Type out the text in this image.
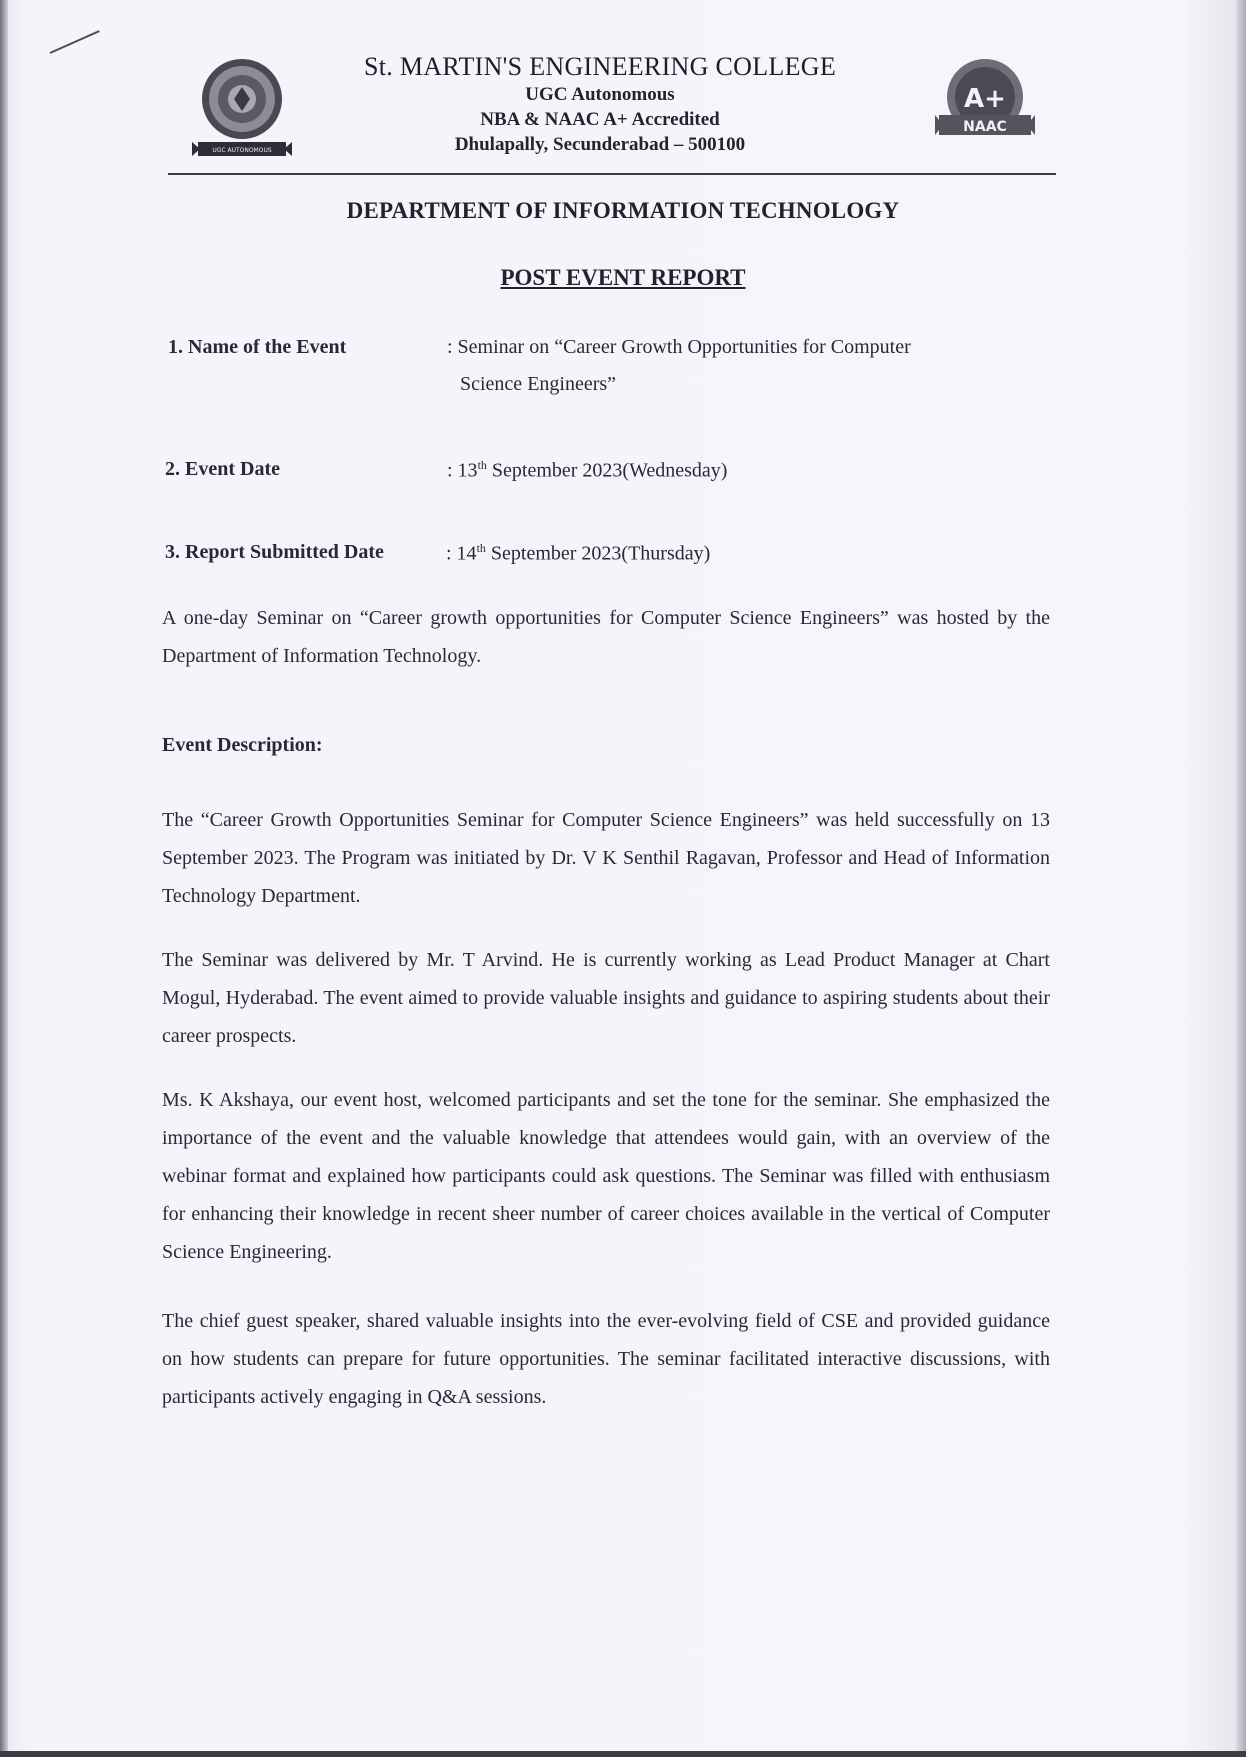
UGC AUTONOMOUS
A+
NAAC
St. MARTIN'S ENGINEERING COLLEGE
UGC Autonomous
NBA & NAAC A+ Accredited
Dhulapally, Secunderabad – 500100
DEPARTMENT OF INFORMATION TECHNOLOGY
POST EVENT REPORT
1. Name of the Event	: Seminar on “Career Growth Opportunities for Computer
Science Engineers”
2. Event Date	: 13th September 2023(Wednesday)
3. Report Submitted Date	: 14th September 2023(Thursday)

A one-day Seminar on “Career growth opportunities for Computer Science Engineers” was hosted by the Department of Information Technology.

Event Description:

The “Career Growth Opportunities Seminar for Computer Science Engineers” was held successfully on 13 September 2023. The Program was initiated by Dr. V K Senthil Ragavan, Professor and Head of Information Technology Department.

The Seminar was delivered by Mr. T Arvind. He is currently working as Lead Product Manager at Chart Mogul, Hyderabad. The event aimed to provide valuable insights and guidance to aspiring students about their career prospects.

Ms. K Akshaya, our event host, welcomed participants and set the tone for the seminar. She emphasized the importance of the event and the valuable knowledge that attendees would gain, with an overview of the webinar format and explained how participants could ask questions. The Seminar was filled with enthusiasm for enhancing their knowledge in recent sheer number of career choices available in the vertical of Computer Science Engineering.

The chief guest speaker, shared valuable insights into the ever-evolving field of CSE and provided guidance on how students can prepare for future opportunities. The seminar facilitated interactive discussions, with participants actively engaging in Q&A sessions.
